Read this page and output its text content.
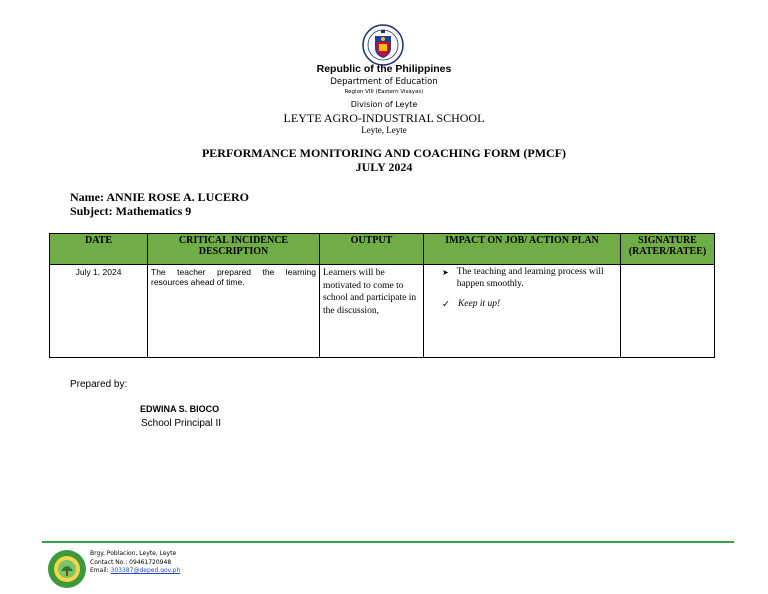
Republic of the Philippines
Department of Education
Region VIII (Eastern Visayas)
Division of Leyte
LEYTE AGRO-INDUSTRIAL SCHOOL
Leyte, Leyte
PERFORMANCE MONITORING AND COACHING FORM (PMCF)
JULY 2024
Name: ANNIE ROSE A. LUCERO
Subject: Mathematics 9
DATE	CRITICAL INCIDENCE DESCRIPTION	OUTPUT	IMPACT ON JOB/ ACTION PLAN	SIGNATURE (RATER/RATEE)
July 1, 2024	The teacher prepared the learning resources ahead of time.	Learners will be motivated to come to school and participate in the discussion,	➤ The teaching and learning process will happen smoothly.
✓ Keep it up!	

Prepared by:
EDWINA S. BIOCO
School Principal II
Brgy. Poblacion, Leyte, Leyte
Contact No.: 09461720948
Email: 303387@deped.gov.ph
